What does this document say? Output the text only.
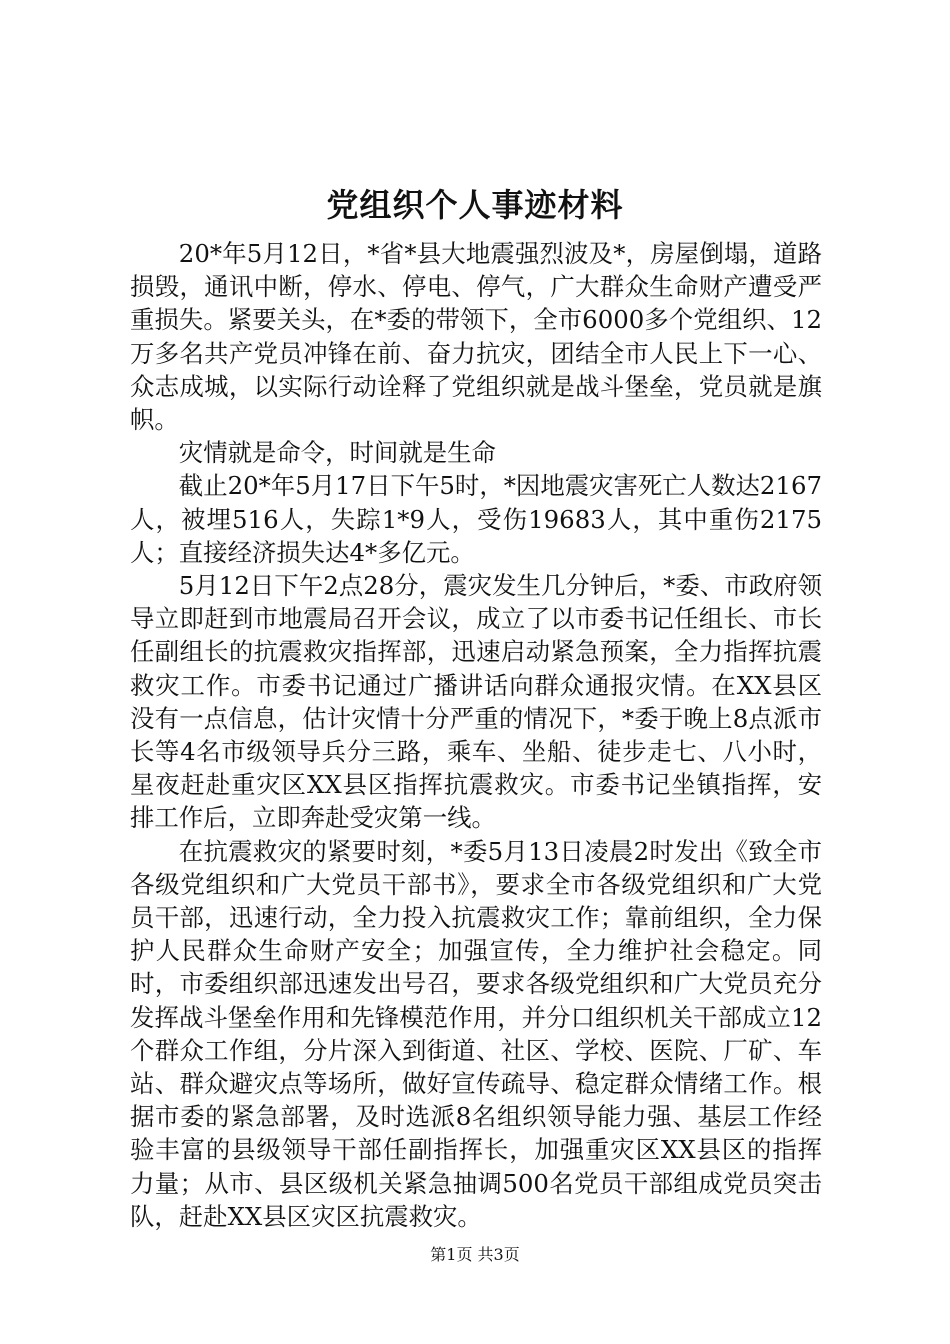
党组织个人事迹材料

20*年5月12日，*省*县大地震强烈波及*，房屋倒塌，道路损毁，通讯中断，停水、停电、停气，广大群众生命财产遭受严重损失。紧要关头，在*委的带领下，全市6000多个党组织、12万多名共产党员冲锋在前、奋力抗灾，团结全市人民上下一心、众志成城，以实际行动诠释了党组织就是战斗堡垒，党员就是旗帜。

灾情就是命令，时间就是生命

截止20*年5月17日下午5时，*因地震灾害死亡人数达2167人，被埋516人，失踪1*9人，受伤19683人，其中重伤2175人；直接经济损失达4*多亿元。

5月12日下午2点28分，震灾发生几分钟后，*委、市政府领导立即赶到市地震局召开会议，成立了以市委书记任组长、市长任副组长的抗震救灾指挥部，迅速启动紧急预案，全力指挥抗震救灾工作。市委书记通过广播讲话向群众通报灾情。在XX县区没有一点信息，估计灾情十分严重的情况下，*委于晚上8点派市长等4名市级领导兵分三路，乘车、坐船、徒步走七、八小时，星夜赶赴重灾区XX县区指挥抗震救灾。市委书记坐镇指挥，安排工作后，立即奔赴受灾第一线。

在抗震救灾的紧要时刻，*委5月13日凌晨2时发出《致全市各级党组织和广大党员干部书》，要求全市各级党组织和广大党员干部，迅速行动，全力投入抗震救灾工作；靠前组织，全力保护人民群众生命财产安全；加强宣传，全力维护社会稳定。同时，市委组织部迅速发出号召，要求各级党组织和广大党员充分发挥战斗堡垒作用和先锋模范作用，并分口组织机关干部成立12个群众工作组，分片深入到街道、社区、学校、医院、厂矿、车站、群众避灾点等场所，做好宣传疏导、稳定群众情绪工作。根据市委的紧急部署，及时选派8名组织领导能力强、基层工作经验丰富的县级领导干部任副指挥长，加强重灾区XX县区的指挥力量；从市、县区级机关紧急抽调500名党员干部组成党员突击队，赶赴XX县区灾区抗震救灾。

第1页 共3页
